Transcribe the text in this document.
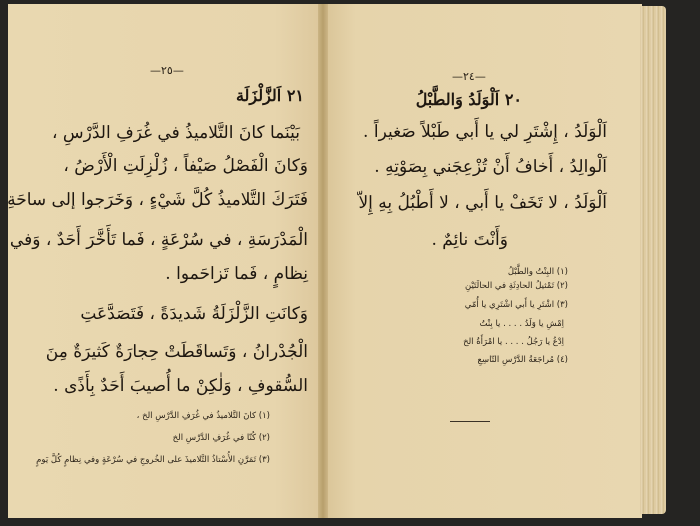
—٢٥—
٢١ اَلزَّلْزَلَة
بَيْنَما كانَ التَّلاميذُ في غُرَفِ الدَّرْسِ ،
وَكانَ الْفَصْلُ صَيْفاً ، زُلْزِلَتِ الْأَرْضُ ،
فَتَرَكَ التَّلاميذُ كُلَّ شَيْءٍ ، وَخَرَجوا إلى ساحَةِ
الْمَدْرَسَةِ ، في سُرْعَةٍ ، فَما تَأَخَّرَ أَحَدٌ ، وَفي
نِظامٍ ، فَما تَزاحَموا .
وَكانَتِ الزَّلْزَلَةُ شَديدَةً ، فَتَصَدَّعَتِ
الْجُدْرانُ ، وَتَساقَطَتْ حِجارَةٌ كَثيرَةٌ مِنَ
السُّقوفِ ، وَلٰكِنْ ما أُصيبَ أَحَدٌ بِأَذًى .
(١) كانَ التَّلاميذُ في غُرَفِ الدَّرْسِ الخ ،
(٢) كُنّا في غُرَفِ الدَّرْسِ الخ
(٣) تَمَرَّنِ الأُسْتاذُ التَّلاميذَ على الخُروجِ في سُرْعَةٍ وفي نِظامٍ كُلَّ يَومٍ
—٢٤—
٢٠ اَلْوَلَدُ وَالطَّبْلُ
اَلْوَلَدُ ، إِشْتَرِ لي يا أَبي طَبْلاً صَغيراً .
اَلْوالِدُ ، أَخافُ أَنْ تُزْعِجَني بِصَوْتِهِ .
اَلْوَلَدُ ، لا تَخَفْ يا أَبي ، لا أَطْبُلُ بِهِ إِلاّ
وَأَنْتَ نائِمٌ .
(١) البِنْتُ والطَّبْلُ
(٢) تَمْثيلُ الحادِثَةِ في الحالَتَيْنِ
(٣) اشْتَرِ يا أَبي اشْتَرِي يا أُمّي
اِمْشِ يا وَلَدُ . . . . يا بِنْتُ
اِدْعُ يا رَجُلُ . . . . يا امْرَأَةُ الخ
(٤) مُراجَعَةُ الدَّرْسِ التّاسِعِ
